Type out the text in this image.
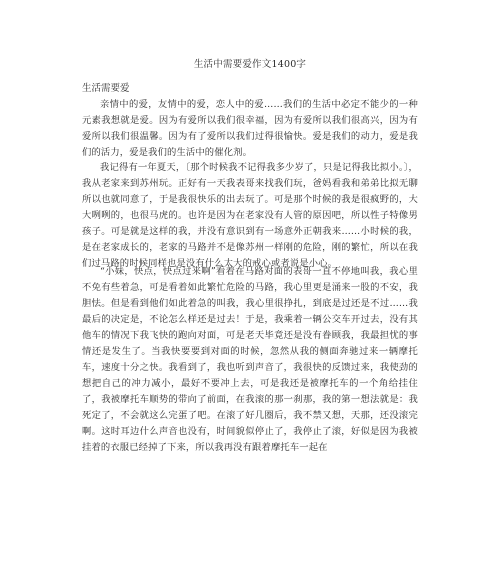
生活中需要爱作文1400字
生活需要爱

亲情中的爱，友情中的爱，恋人中的爱……我们的生活中必定不能少的一种元素我想就是爱。因为有爱所以我们很幸福，因为有爱所以我们很高兴，因为有爱所以我们很温馨。因为有了爱所以我们过得很愉快。爱是我们的动力，爱是我们的活力，爱是我们的生活中的催化剂。

我记得有一年夏天，〔那个时候我不记得我多少岁了，只是记得我比拟小。〕，我从老家来到苏州玩。正好有一天我表哥来找我们玩，爸妈看我和弟弟比拟无聊所以也就同意了，于是我很快乐的出去玩了。可是那个时候的我是很疯野的，大大咧咧的，也很马虎的。也许是因为在老家没有人管的原因吧，所以性子特像男孩子。可是就是这样的我，并没有意识到有一场意外正朝我来……小时候的我，是在老家成长的，老家的马路并不是像苏州一样刚的危险，刚的繁忙，所以在我们过马路的时候同样也是没有什么太大的戒心或者说是小心。

“小妹，快点，快点过来啊”看着在马路对面的表哥一直不停地叫我，我心里不免有些着急，可是看着如此繁忙危险的马路，我心里更是涌来一股的不安，我胆怯。但是看到他们如此着急的叫我，我心里很挣扎，到底是过还是不过……我最后的决定是，不论怎么样还是过去！于是，我乘着一辆公交车开过去，没有其他车的情况下我飞快的跑向对面，可是老天毕竟还是没有眷顾我，我最担忧的事情还是发生了。当我快要要到对面的时候，忽然从我的侧面奔驰过来一辆摩托车，速度十分之快。我看到了，我也听到声音了，我很快的反馈过来，我使劲的想把自己的冲力减小，最好不要冲上去，可是我还是被摩托车的一个角给挂住了，我被摩托车顺势的带向了前面，在我滚的那一刹那，我的第一想法就是：我死定了，不会就这么完蛋了吧。在滚了好几圈后，我不禁又想，天那，还没滚完啊。这时耳边什么声音也没有，时间貌似停止了，我停止了滚，好似是因为我被挂着的衣服已经掉了下来，所以我再没有跟着摩托车一起在
